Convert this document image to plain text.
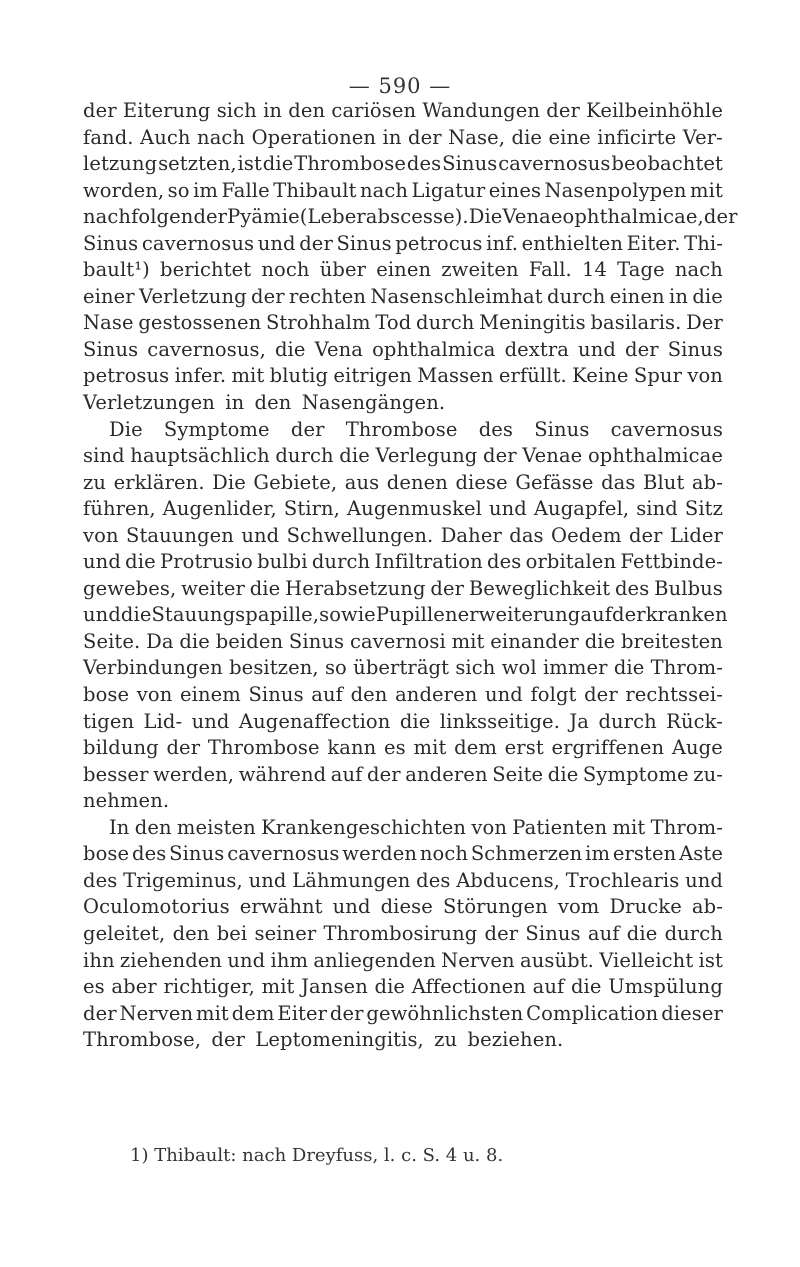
— 590 —
der Eiterung sich in den cariösen Wandungen der Keilbeinhöhle
fand. Auch nach Operationen in der Nase, die eine inficirte Ver-
letzung setzten, ist die Thrombose des Sinus cavernosus beobachtet
worden, so im Falle Thibault nach Ligatur eines Nasenpolypen mit
nachfolgender Pyämie (Leberabscesse). Die Venae ophthalmicae, der
Sinus cavernosus und der Sinus petrocus inf. enthielten Eiter. Thi-
bault¹) berichtet noch über einen zweiten Fall. 14 Tage nach
einer Verletzung der rechten Nasenschleimhat durch einen in die
Nase gestossenen Strohhalm Tod durch Meningitis basilaris. Der
Sinus cavernosus, die Vena ophthalmica dextra und der Sinus
petrosus infer. mit blutig eitrigen Massen erfüllt. Keine Spur von
Verletzungen in den Nasengängen.
Die Symptome der Thrombose des Sinus cavernosus
sind hauptsächlich durch die Verlegung der Venae ophthalmicae
zu erklären. Die Gebiete, aus denen diese Gefässe das Blut ab-
führen, Augenlider, Stirn, Augenmuskel und Augapfel, sind Sitz
von Stauungen und Schwellungen. Daher das Oedem der Lider
und die Protrusio bulbi durch Infiltration des orbitalen Fettbinde-
gewebes, weiter die Herabsetzung der Beweglichkeit des Bulbus
und die Stauungspapille, sowie Pupillenerweiterung auf der kranken
Seite. Da die beiden Sinus cavernosi mit einander die breitesten
Verbindungen besitzen, so überträgt sich wol immer die Throm-
bose von einem Sinus auf den anderen und folgt der rechtssei-
tigen Lid- und Augenaffection die linksseitige. Ja durch Rück-
bildung der Thrombose kann es mit dem erst ergriffenen Auge
besser werden, während auf der anderen Seite die Symptome zu-
nehmen.
In den meisten Krankengeschichten von Patienten mit Throm-
bose des Sinus cavernosus werden noch Schmerzen im ersten Aste
des Trigeminus, und Lähmungen des Abducens, Trochlearis und
Oculomotorius erwähnt und diese Störungen vom Drucke ab-
geleitet, den bei seiner Thrombosirung der Sinus auf die durch
ihn ziehenden und ihm anliegenden Nerven ausübt. Vielleicht ist
es aber richtiger, mit Jansen die Affectionen auf die Umspülung
der Nerven mit dem Eiter der gewöhnlichsten Complication dieser
Thrombose, der Leptomeningitis, zu beziehen.
1) Thibault: nach Dreyfuss, l. c. S. 4 u. 8.
